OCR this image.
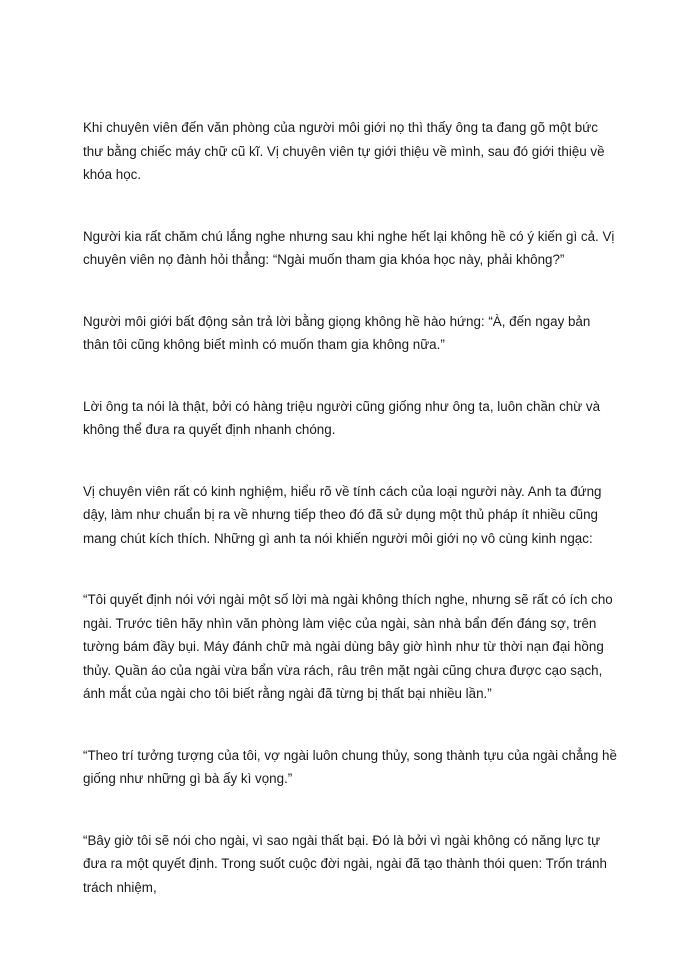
Khi chuyên viên đến văn phòng của người môi giới nọ thì thấy ông ta đang gõ một bức thư bằng chiếc máy chữ cũ kĩ. Vị chuyên viên tự giới thiệu về mình, sau đó giới thiệu về khóa học.

Người kia rất chăm chú lắng nghe nhưng sau khi nghe hết lại không hề có ý kiến gì cả. Vị chuyên viên nọ đành hỏi thẳng: “Ngài muốn tham gia khóa học này, phải không?”

Người môi giới bất động sản trả lời bằng giọng không hề hào hứng: “À, đến ngay bản thân tôi cũng không biết mình có muốn tham gia không nữa.”

Lời ông ta nói là thật, bởi có hàng triệu người cũng giống như ông ta, luôn chần chừ và không thể đưa ra quyết định nhanh chóng.

Vị chuyên viên rất có kinh nghiệm, hiểu rõ về tính cách của loại người này. Anh ta đứng dậy, làm như chuẩn bị ra về nhưng tiếp theo đó đã sử dụng một thủ pháp ít nhiều cũng mang chút kích thích. Những gì anh ta nói khiến người môi giới nọ vô cùng kinh ngạc:

“Tôi quyết định nói với ngài một số lời mà ngài không thích nghe, nhưng sẽ rất có ích cho ngài. Trước tiên hãy nhìn văn phòng làm việc của ngài, sàn nhà bẩn đến đáng sợ, trên tường bám đầy bụi. Máy đánh chữ mà ngài dùng bây giờ hình như từ thời nạn đại hồng thủy. Quần áo của ngài vừa bẩn vừa rách, râu trên mặt ngài cũng chưa được cạo sạch, ánh mắt của ngài cho tôi biết rằng ngài đã từng bị thất bại nhiều lần.”

“Theo trí tưởng tượng của tôi, vợ ngài luôn chung thủy, song thành tựu của ngài chẳng hề giống như những gì bà ấy kì vọng.”

“Bây giờ tôi sẽ nói cho ngài, vì sao ngài thất bại. Đó là bởi vì ngài không có năng lực tự đưa ra một quyết định. Trong suốt cuộc đời ngài, ngài đã tạo thành thói quen: Trốn tránh trách nhiệm,
